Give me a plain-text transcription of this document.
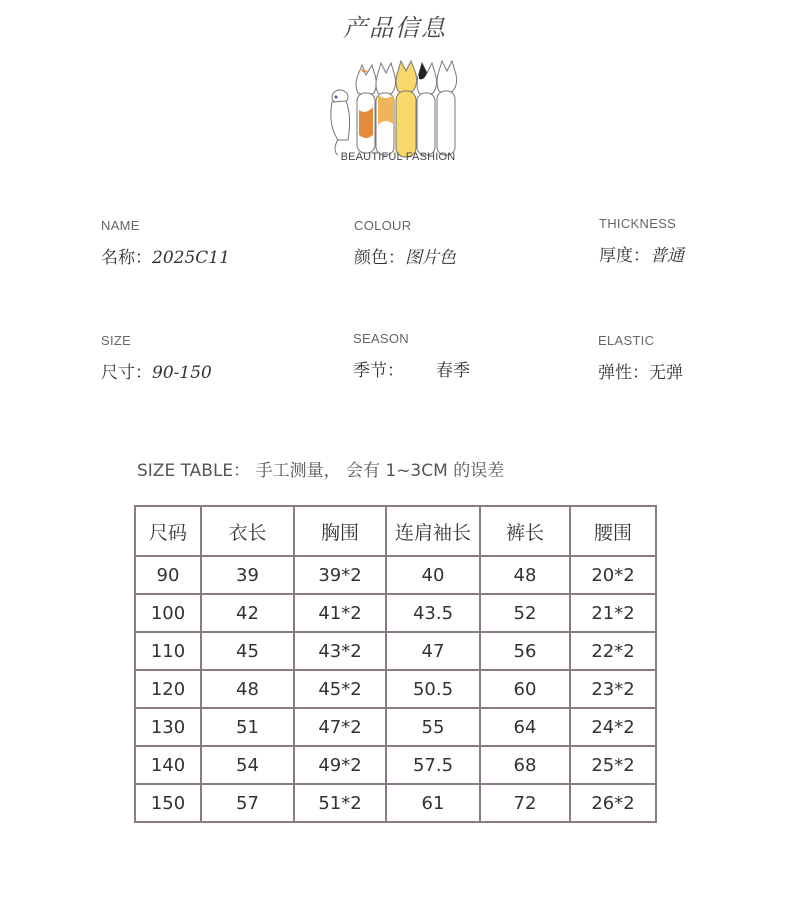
产品信息
BEAUTIFUL FASHION
NAME
名称：2025C11
COLOUR
颜色：图片色
THICKNESS
厚度：普通
SIZE
尺寸：90-150
SEASON
季节： 春季
ELASTIC
弹性：无弹
SIZE TABLE： 手工测量， 会有 1~3CM 的误差
尺码	衣长	胸围	连肩袖长	裤长	腰围
90	39	39*2	40	48	20*2
100	42	41*2	43.5	52	21*2
110	45	43*2	47	56	22*2
120	48	45*2	50.5	60	23*2
130	51	47*2	55	64	24*2
140	54	49*2	57.5	68	25*2
150	57	51*2	61	72	26*2
